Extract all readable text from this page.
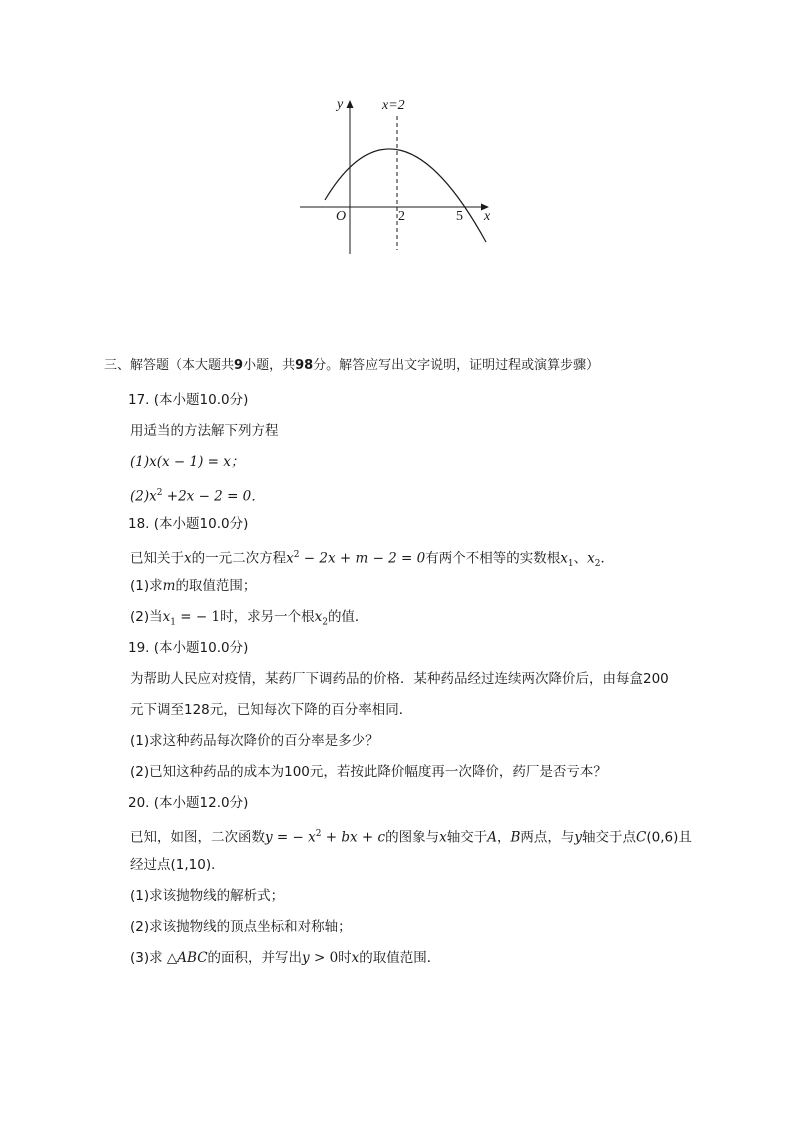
y	x=2
O	2	5 x
三、解答题（本大题共9小题，共98分。解答应写出文字说明，证明过程或演算步骤）
17. (本小题10.0分)
用适当的方法解下列方程
(1)x(x − 1) = x；
$(2)x^2 +2x - 2 = 0$．
18. (本小题10.0分)
已知关于x的一元二次方程$x^2 - 2x + m - 2 = 0$有两个不相等的实数根$x_1$、$x_2$．
(1)求m的取值范围；
(2)当$x_1$ = − 1时，求另一个根$x_2$的值．
19. (本小题10.0分)
为帮助人民应对疫情，某药厂下调药品的价格．某种药品经过连续两次降价后，由每盒200
元下调至128元，已知每次下降的百分率相同．
(1)求这种药品每次降价的百分率是多少？
(2)已知这种药品的成本为100元，若按此降价幅度再一次降价，药厂是否亏本？
20. (本小题12.0分)
已知，如图，二次函数y = − $x^2$ + bx + c的图象与x轴交于A，B两点，与y轴交于点C(0,6)且
经过点(1,10)．
(1)求该抛物线的解析式；
(2)求该抛物线的顶点坐标和对称轴；
(3)求 △ABC的面积，并写出y > 0时x的取值范围．
